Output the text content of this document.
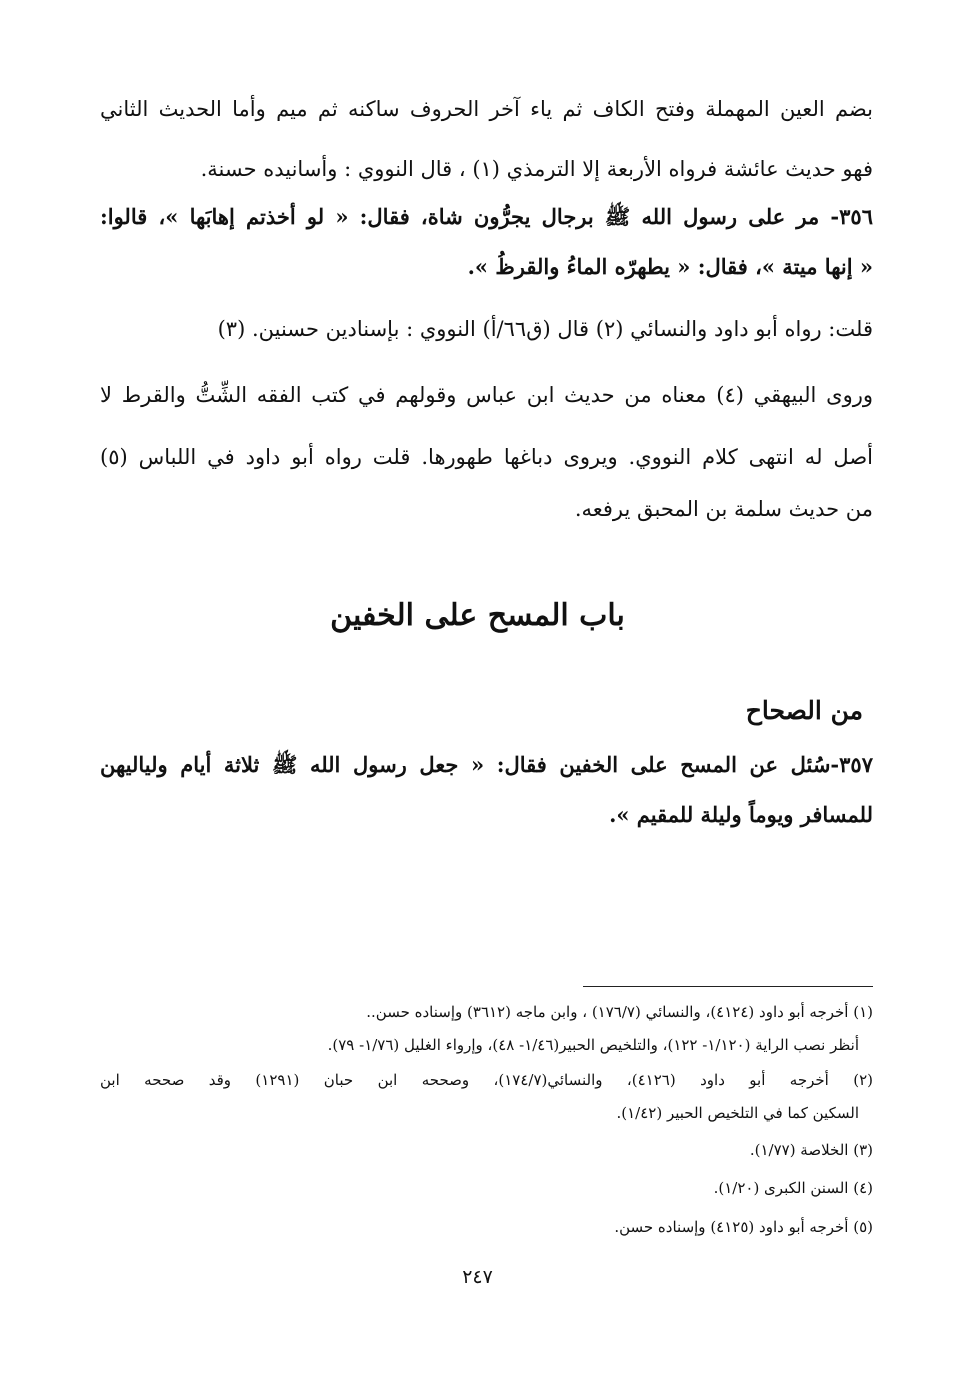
بضم العين المهملة وفتح الكاف ثم ياء آخر الحروف ساكنه ثم ميم وأما الحديث الثاني
فهو حديث عائشة فرواه الأربعة إلا الترمذي (١) ، قال النووي : وأسانيده حسنة.
٣٥٦- مر على رسول الله ﷺ برجال يجرُّون شاة، فقال: « لو أخذتم إهابَها »، قالوا:
« إنها ميتة »، فقال: « يطهرّه الماءُ والقرظُ ».
قلت: رواه أبو داود والنسائي (٢) قال (ق٦٦/أ) النووي : بإسنادين حسنين. (٣)
وروى البيهقي (٤) معناه من حديث ابن عباس وقولهم في كتب الفقه الشِّتُّ والقرط لا
أصل له انتهى كلام النووي. ويروى دباغها طهورها. قلت رواه أبو داود في اللباس (٥)
من حديث سلمة بن المحبق يرفعه.
باب المسح على الخفين
من الصحاح
٣٥٧-سُئل عن المسح على الخفين فقال: « جعل رسول الله ﷺ ثلاثة أيام ولياليهن
للمسافر ويوماً وليلة للمقيم ».
(١) أخرجه أبو داود (٤١٢٤)، والنسائي (١٧٦/٧) ، وابن ماجه (٣٦١٢) وإسناده حسن..
أنظر نصب الراية (١/١٢٠- ١٢٢)، والتلخيص الحبير(١/٤٦- ٤٨)، وإرواء الغليل (١/٧٦- ٧٩).
(٢) أخرجه أبو داود (٤١٢٦)، والنسائي(١٧٤/٧)، وصححه ابن حبان (١٢٩١) وقد صححه ابن
السكين كما في التلخيص الحبير (١/٤٢).
(٣) الخلاصة (١/٧٧).
(٤) السنن الكبرى (١/٢٠).
(٥) أخرجه أبو داود (٤١٢٥) وإسناده حسن.
٢٤٧
